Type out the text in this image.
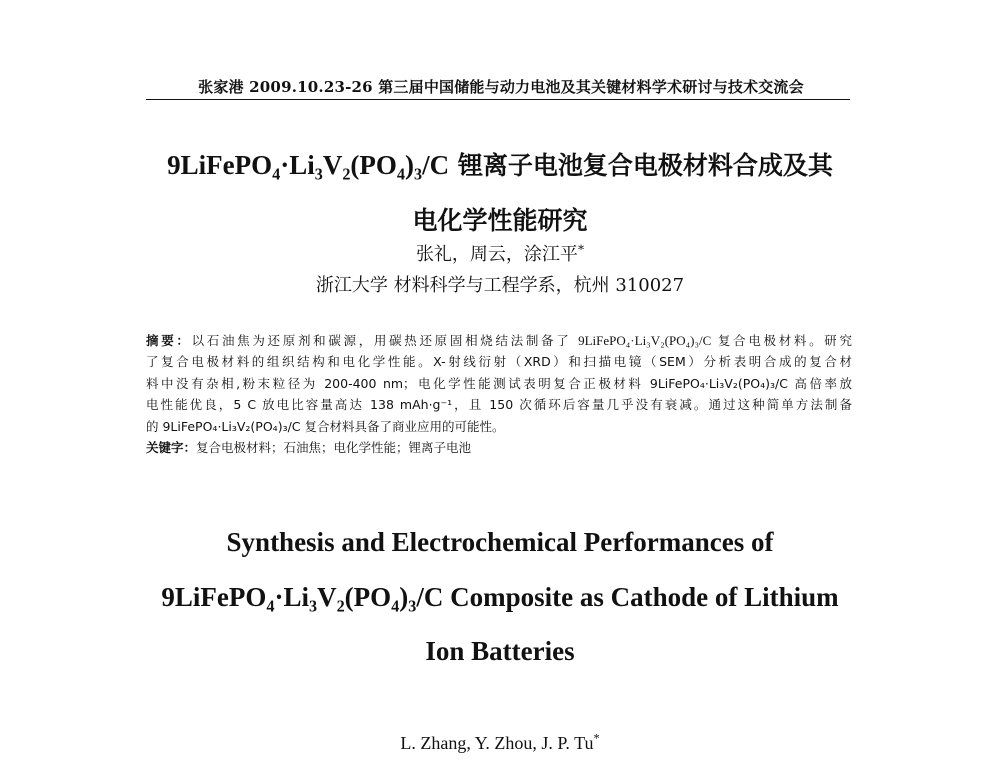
张家港 2009.10.23-26 第三届中国储能与动力电池及其关键材料学术研讨与技术交流会
9LiFePO₄·Li₃V₂(PO₄)₃/C 锂离子电池复合电极材料合成及其
电化学性能研究
张礼，周云，涂江平*
浙江大学 材料科学与工程学系，杭州 310027
摘要：以石油焦为还原剂和碳源，用碳热还原固相烧结法制备了 9LiFePO₄·Li₃V₂(PO₄)₃/C 复合电极材料。研究
了复合电极材料的组织结构和电化学性能。X-射线衍射（XRD）和扫描电镜（SEM）分析表明合成的复合材
料中没有杂相,粉末粒径为 200-400 nm；电化学性能测试表明复合正极材料 9LiFePO₄·Li₃V₂(PO₄)₃/C 高倍率放
电性能优良，5 C 放电比容量高达 138 mAh·g⁻¹，且 150 次循环后容量几乎没有衰减。通过这种简单方法制备
的 9LiFePO₄·Li₃V₂(PO₄)₃/C 复合材料具备了商业应用的可能性。
关键字：复合电极材料；石油焦；电化学性能；锂离子电池
Synthesis and Electrochemical Performances of
9LiFePO₄·Li₃V₂(PO₄)₃/C Composite as Cathode of Lithium
Ion Batteries
L. Zhang, Y. Zhou, J. P. Tu*
